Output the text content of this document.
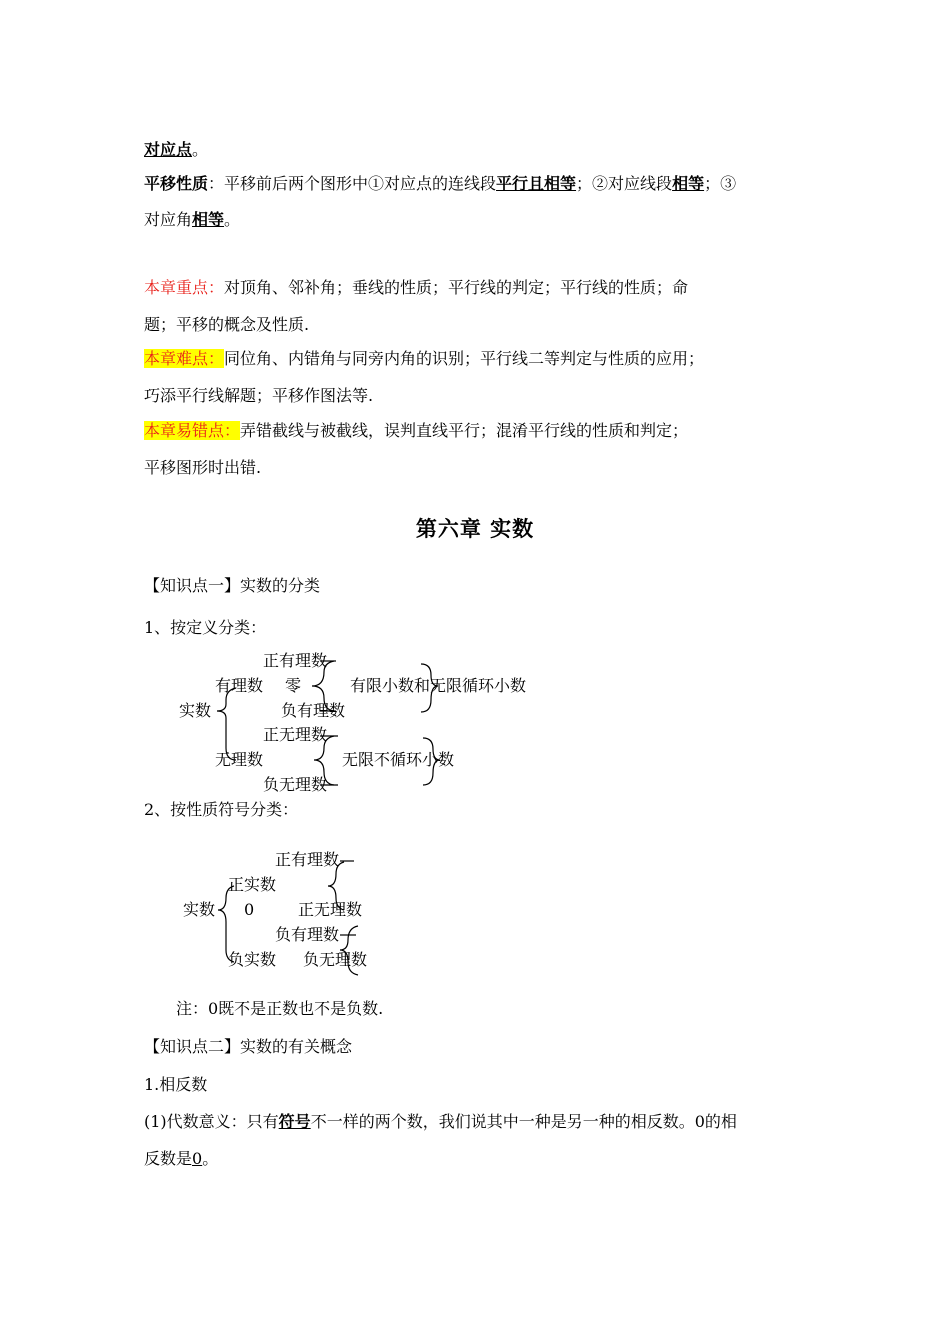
对应点。
平移性质：平移前后两个图形中①对应点的连线段平行且相等；②对应线段相等；③
对应角相等。
本章重点：对顶角、邻补角；垂线的性质；平行线的判定；平行线的性质；命
题；平移的概念及性质.
本章难点：同位角、内错角与同旁内角的识别；平行线二等判定与性质的应用；
巧添平行线解题；平移作图法等.
本章易错点：弄错截线与被截线，误判直线平行；混淆平行线的性质和判定；
平移图形时出错.
第六章 实数
【知识点一】实数的分类
1、按定义分类：
正有理数
有理数 零	有限小数和无限循环小数
实数	负有理数
正无理数
无理数	无限不循环小数
负无理数
2、按性质符号分类：
正有理数
正实数
实数 0	正无理数
负有理数
负实数 负无理数
注：0既不是正数也不是负数.
【知识点二】实数的有关概念
1.相反数
(1)代数意义：只有符号不一样的两个数，我们说其中一种是另一种的相反数。0的相
反数是0。
